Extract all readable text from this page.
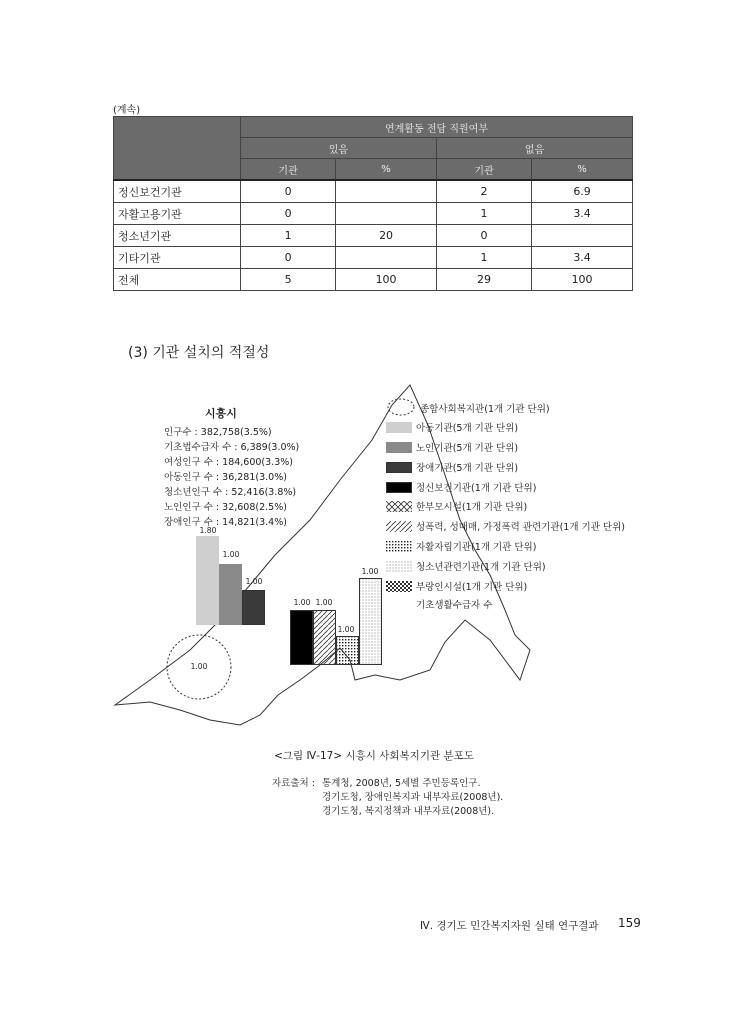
(계속)
	연계활동 전담 직원여부			
	있음		없음	
	기관	%	기관	%
정신보건기관	0		2	6.9
자활고용기관	0		1	3.4
청소년기관	1	20	0	
기타기관	0		1	3.4
전체	5	100	29	100
(3) 기관 설치의 적절성
종합사회복지관(1개 기관 단위)
아동기관(5개 기관 단위)
노인기관(5개 기관 단위)
장애기관(5개 기관 단위)
정신보건기관(1개 기관 단위)
한부모시설(1개 기관 단위)
성폭력, 성매매, 가정폭력 관련기관(1개 기관 단위)
자활자립기관(1개 기관 단위)
청소년관련기관(1개 기관 단위)
부랑인시설(1개 기관 단위)
기초생활수급자 수
시흥시
인구수 : 382,758(3.5%)
기초법수급자 수 : 6,389(3.0%)
여성인구 수 : 184,600(3.3%)
아동인구 수 : 36,281(3.0%)
청소년인구 수 : 52,416(3.8%)
노인인구 수 : 32,608(2.5%)
장애인구 수 : 14,821(3.4%)
1.80
1.00
1.00
1.00 1.00
1.00
1.00
1.00
<그림 Ⅳ-17> 시흥시 사회복지기관 분포도
자료출처 : 통계청, 2008년, 5세별 주민등록인구.
경기도청, 장애인복지과 내부자료(2008년).
경기도청, 복지정책과 내부자료(2008년).
Ⅳ. 경기도 민간복지자원 실태 연구결과 159
